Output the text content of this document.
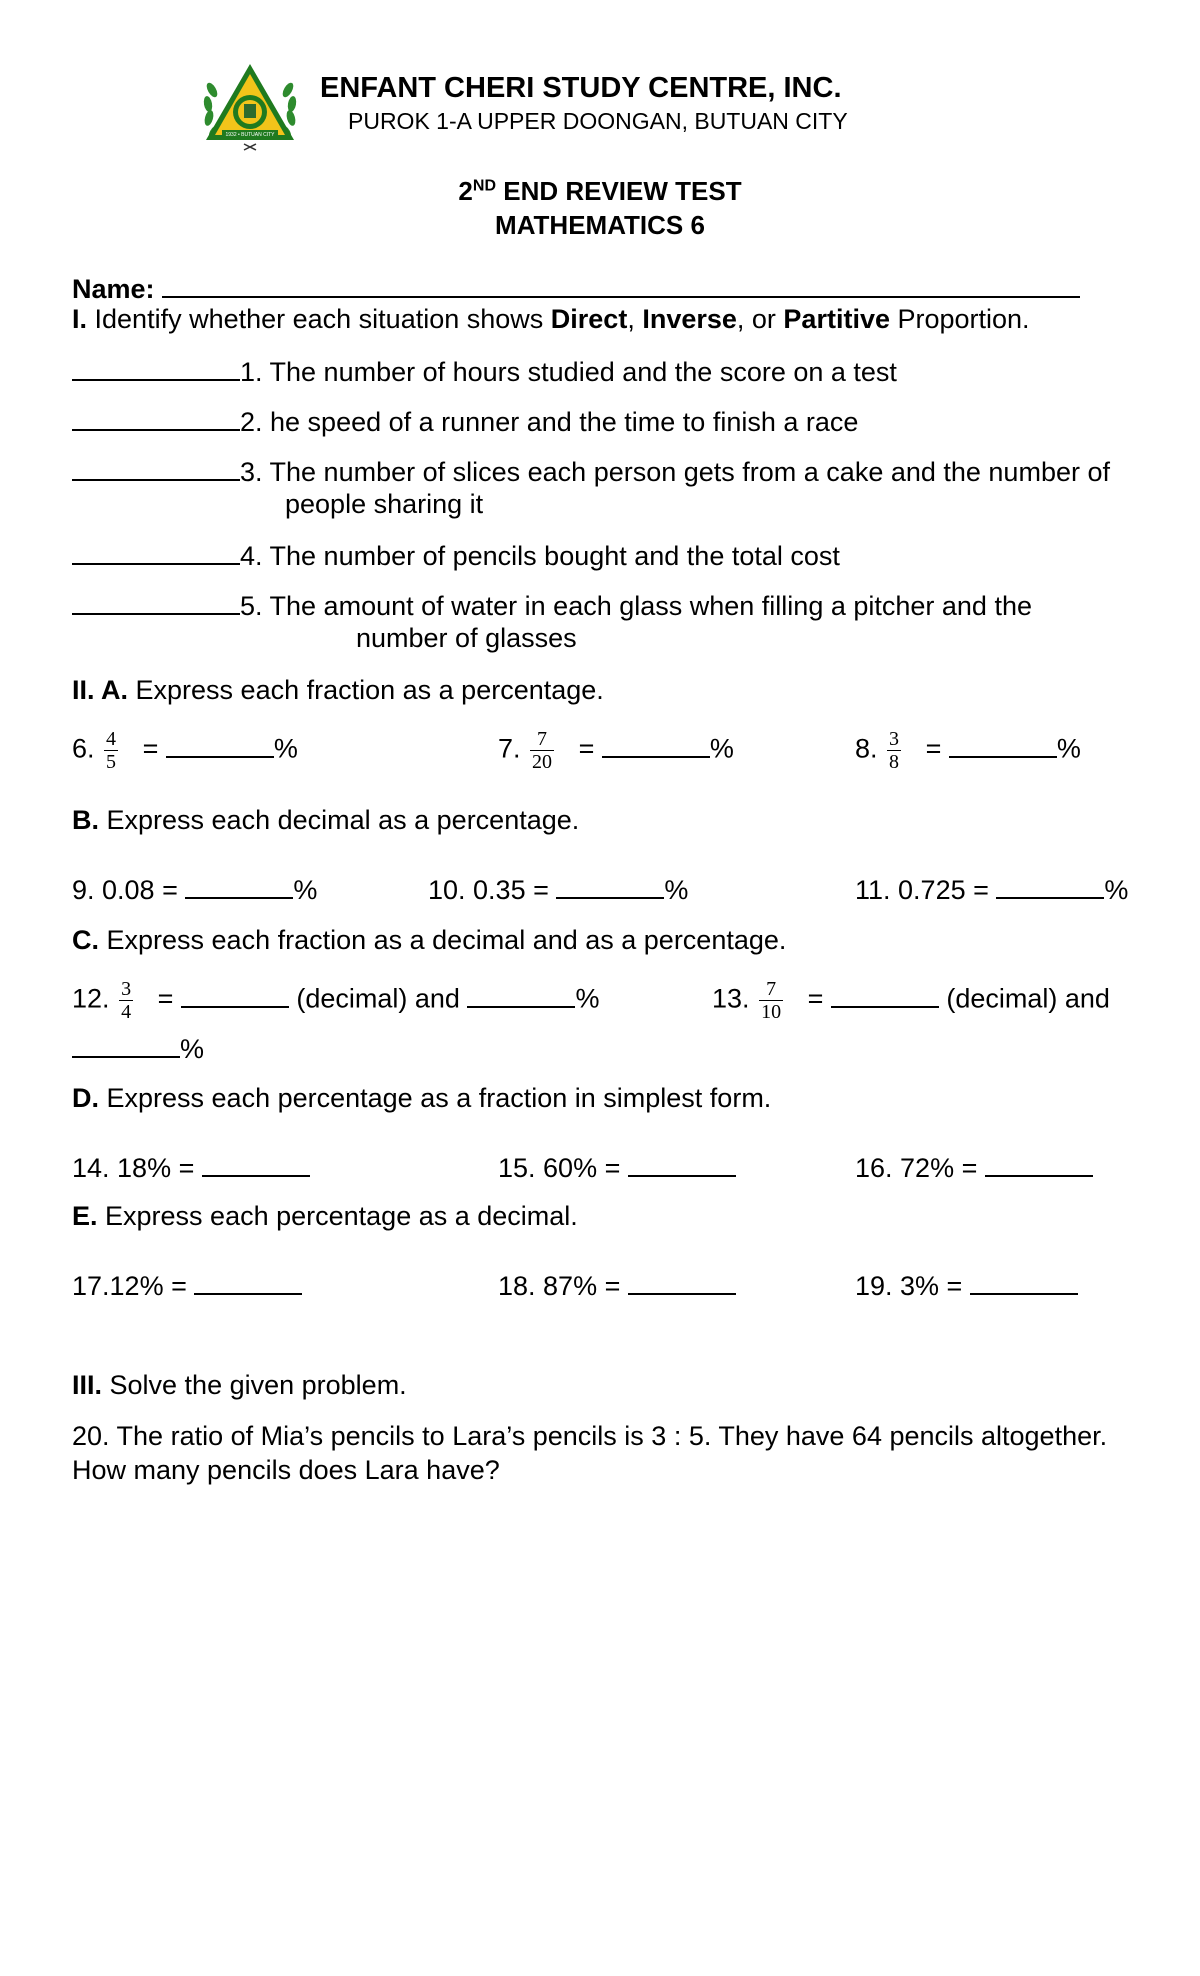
1932 • BUTUAN CITY
ENFANT CHERI STUDY CENTRE, INC.
PUROK 1-A UPPER DOONGAN, BUTUAN CITY
2ND END REVIEW TEST
MATHEMATICS 6
Name:
I. Identify whether each situation shows Direct, Inverse, or Partitive Proportion.
1. The number of hours studied and the score on a test
2. he speed of a runner and the time to finish a race
3. The number of slices each person gets from a cake and the number of
people sharing it
4. The number of pencils bought and the total cost
5. The amount of water in each glass when filling a pitcher and the
number of glasses
II. A. Express each fraction as a percentage.
6. $\frac{4}{5}$ =	%	7. $\frac{7}{20}$ =	%	8. $\frac{3}{8}$ =	%
B. Express each decimal as a percentage.
9. 0.08 =	%	10. 0.35 =	%	11. 0.725 =	%
C. Express each fraction as a decimal and as a percentage.
12. $\frac{3}{4}$ =	(decimal) and	%	13. $\frac{7}{10}$ =	(decimal) and
%
D. Express each percentage as a fraction in simplest form.
14. 18% =	15. 60% =	16. 72% =
E. Express each percentage as a decimal.
17.12% =	18. 87% =	19. 3% =
III. Solve the given problem.
20. The ratio of Mia’s pencils to Lara’s pencils is 3 : 5. They have 64 pencils altogether.
How many pencils does Lara have?
